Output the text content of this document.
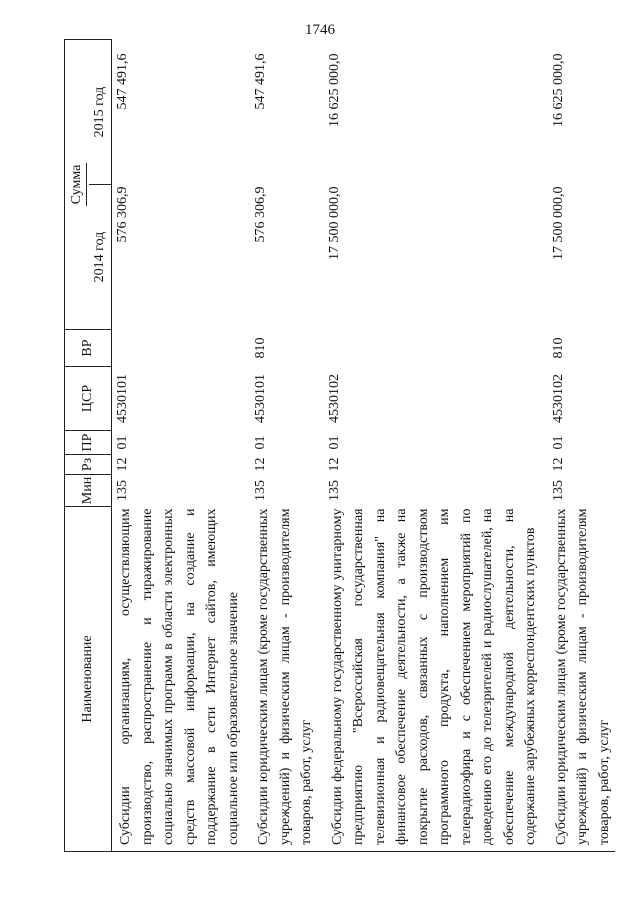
1746
Наименование	Мин	Рз	ПР	ЦСР	ВР	Сумма	
						2014 год	2015 год
Субсидии организациям, осуществляющим производство, распространение и тиражирование социально значимых программ в области электронных средств массовой информации, на создание и поддержание в сети Интернет сайтов, имеющих социальное или образовательное значение	135	12	01	4530101		576 306,9	547 491,6
Субсидии юридическим лицам (кроме государственных учреждений) и физическим лицам - производителям товаров, работ, услуг	135	12	01	4530101	810	576 306,9	547 491,6
Субсидии федеральному государственному унитарному предприятию "Всероссийская государственная телевизионная и радиовещательная компания" на финансовое обеспечение деятельности, а также на покрытие расходов, связанных с производством программного продукта, наполнением им телерадиоэфира и с обеспечением мероприятий по доведению его до телезрителей и радиослушателей, на обеспечение международной деятельности, на содержание зарубежных корреспондентских пунктов	135	12	01	4530102		17 500 000,0	16 625 000,0
Субсидии юридическим лицам (кроме государственных учреждений) и физическим лицам - производителям товаров, работ, услуг	135	12	01	4530102	810	17 500 000,0	16 625 000,0
